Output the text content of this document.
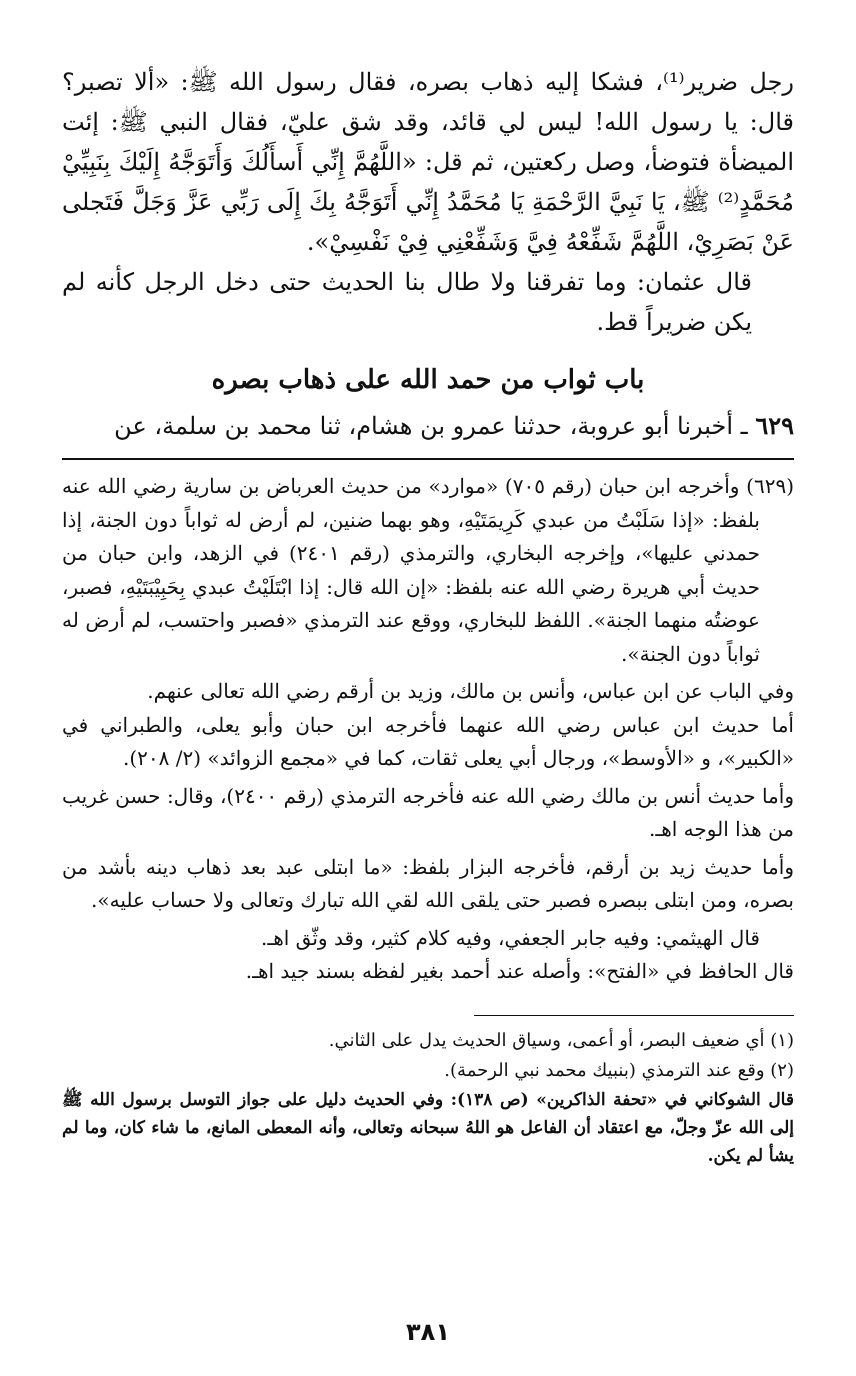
رجل ضرير⁽¹⁾، فشكا إليه ذهاب بصره، فقال رسول الله ﷺ: «ألا تصبر؟ قال: يا رسول الله! ليس لي قائد، وقد شق عليّ، فقال النبي ﷺ: إئت الميضأة فتوضأ، وصل ركعتين، ثم قل: «اللَّهُمَّ إِنِّي أَسأَلُكَ وَأَتَوَجَّهُ إِلَيْكَ بِنَبِيِّيْ مُحَمَّدٍ⁽²⁾ ﷺ، يَا نَبِيَّ الرَّحْمَةِ يَا مُحَمَّدُ إِنِّي أَتَوَجَّهُ بِكَ إِلَى رَبِّي عَزَّ وَجَلَّ فَتَجلى عَنْ بَصَرِيْ، اللَّهُمَّ شَفِّعْهُ فِيَّ وَشَفِّعْنِي فِيْ نَفْسِيْ».

قال عثمان: وما تفرقنا ولا طال بنا الحديث حتى دخل الرجل كأنه لم يكن ضريراً قط.

باب ثواب من حمد الله على ذهاب بصره

٦٢٩ ـ أخبرنا أبو عروبة، حدثنا عمرو بن هشام، ثنا محمد بن سلمة، عن

(٦٢٩) وأخرجه ابن حبان (رقم ٧٠٥) «موارد» من حديث العرباض بن سارية رضي الله عنه بلفظ: «إذا سَلَبْتُ من عبدي كَرِيمَتَيْهِ، وهو بهما ضنين، لم أرض له ثواباً دون الجنة، إذا حمدني عليها»، وإخرجه البخاري، والترمذي (رقم ٢٤٠١) في الزهد، وابن حبان من حديث أبي هريرة رضي الله عنه بلفظ: «إن الله قال: إذا ابْتَلَيْتُ عبدي بِحَبِيْبَتَيْهِ، فصبر، عوضتُه منهما الجنة». اللفظ للبخاري، ووقع عند الترمذي «فصبر واحتسب، لم أرض له ثواباً دون الجنة».

وفي الباب عن ابن عباس، وأنس بن مالك، وزيد بن أرقم رضي الله تعالى عنهم.

أما حديث ابن عباس رضي الله عنهما فأخرجه ابن حبان وأبو يعلى، والطبراني في «الكبير»، و «الأوسط»، ورجال أبي يعلى ثقات، كما في «مجمع الزوائد» (٢/ ٢٠٨).

وأما حديث أنس بن مالك رضي الله عنه فأخرجه الترمذي (رقم ٢٤٠٠)، وقال: حسن غريب من هذا الوجه اهـ.

وأما حديث زيد بن أرقم، فأخرجه البزار بلفظ: «ما ابتلى عبد بعد ذهاب دينه بأشد من بصره، ومن ابتلى ببصره فصبر حتى يلقى الله لقي الله تبارك وتعالى ولا حساب عليه».

قال الهيثمي: وفيه جابر الجعفي، وفيه كلام كثير، وقد وثّق اهـ.

قال الحافظ في «الفتح»: وأصله عند أحمد بغير لفظه بسند جيد اهـ.

(١) أي ضعيف البصر، أو أعمى، وسياق الحديث يدل على الثاني.

(٢) وقع عند الترمذي (بنبيك محمد نبي الرحمة).

قال الشوكاني في «تحفة الذاكرين» (ص ١٣٨): وفي الحديث دليل على جواز التوسل برسول الله ﷺ إلى الله عزّ وجلّ، مع اعتقاد أن الفاعل هو اللهُ سبحانه وتعالى، وأنه المعطى المانع، ما شاء كان، وما لم يشأ لم يكن.

٣٨١
